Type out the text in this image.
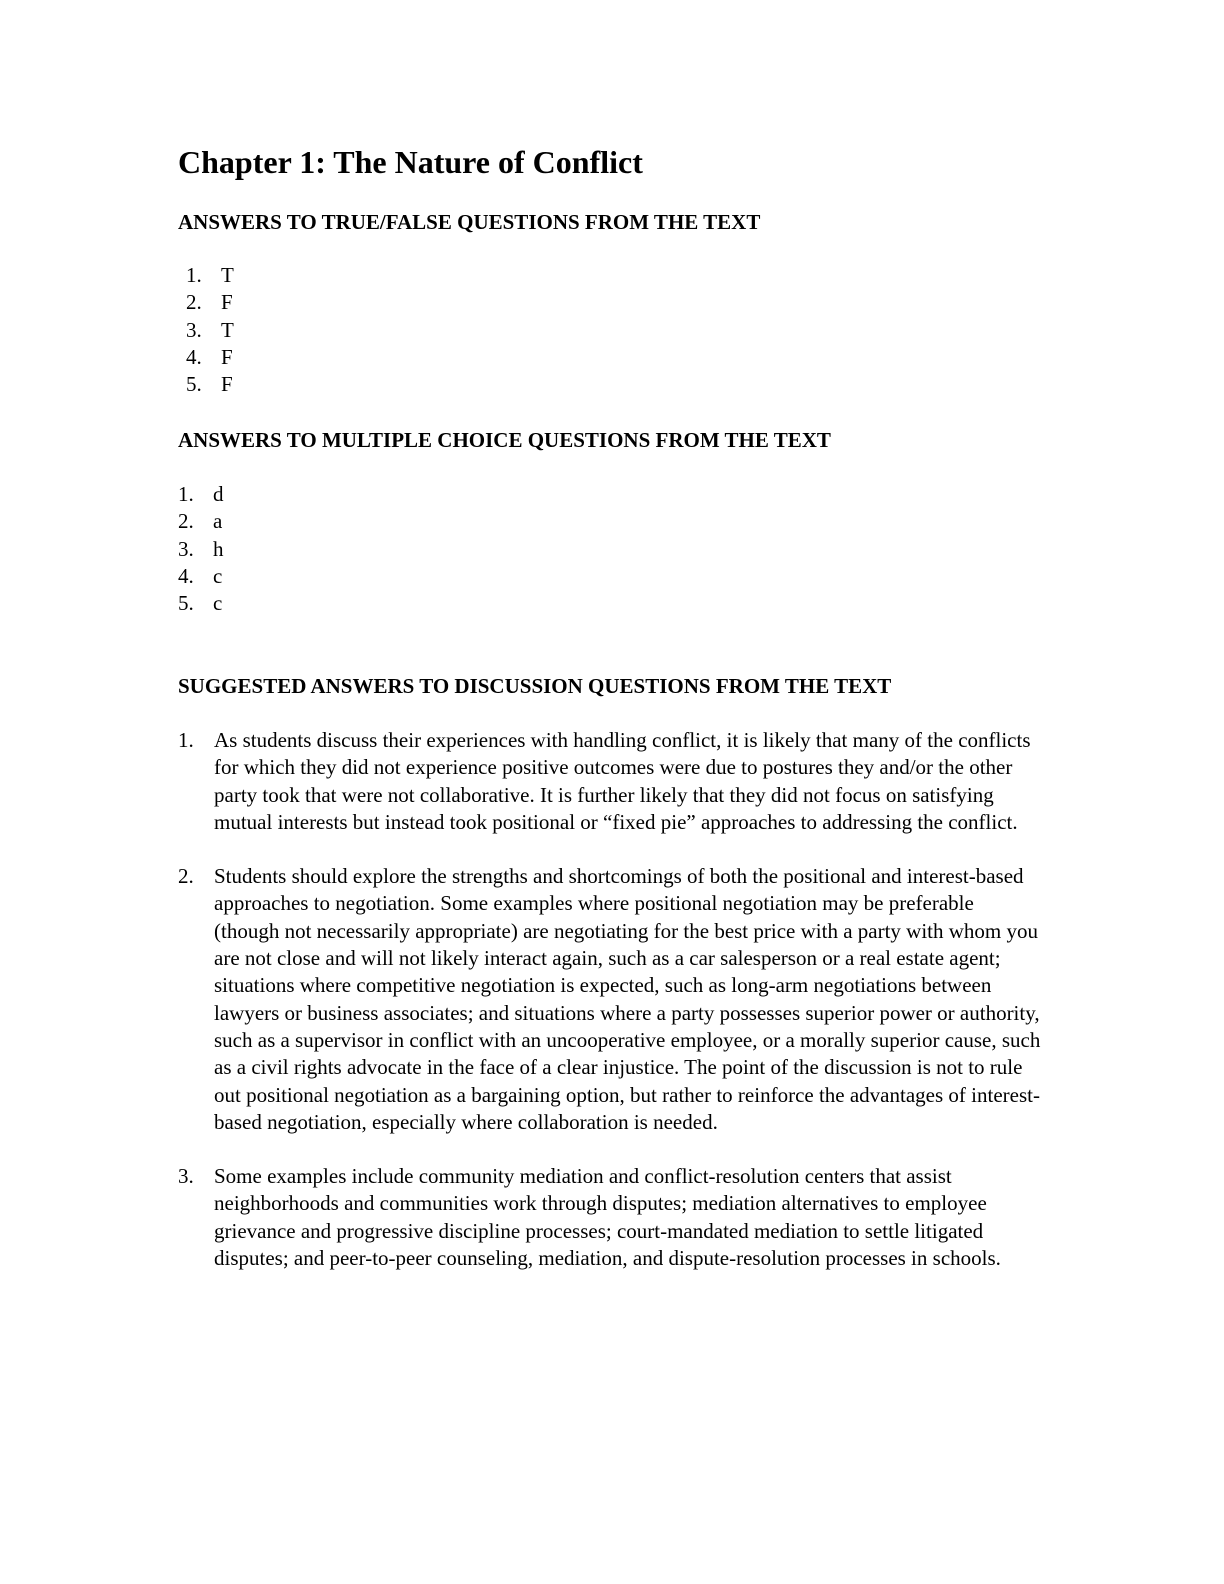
Chapter 1: The Nature of Conflict
ANSWERS TO TRUE/FALSE QUESTIONS FROM THE TEXT
1. T
2. F
3. T
4. F
5. F
ANSWERS TO MULTIPLE CHOICE QUESTIONS FROM THE TEXT
1. d
2. a
3. h
4. c
5. c
SUGGESTED ANSWERS TO DISCUSSION QUESTIONS FROM THE TEXT
1. As students discuss their experiences with handling conflict, it is likely that many of the conflicts for which they did not experience positive outcomes were due to postures they and/or the other party took that were not collaborative. It is further likely that they did not focus on satisfying mutual interests but instead took positional or “fixed pie” approaches to addressing the conflict.
2. Students should explore the strengths and shortcomings of both the positional and interest-based approaches to negotiation. Some examples where positional negotiation may be preferable (though not necessarily appropriate) are negotiating for the best price with a party with whom you are not close and will not likely interact again, such as a car salesperson or a real estate agent; situations where competitive negotiation is expected, such as long-arm negotiations between lawyers or business associates; and situations where a party possesses superior power or authority, such as a supervisor in conflict with an uncooperative employee, or a morally superior cause, such as a civil rights advocate in the face of a clear injustice. The point of the discussion is not to rule out positional negotiation as a bargaining option, but rather to reinforce the advantages of interest-based negotiation, especially where collaboration is needed.
3. Some examples include community mediation and conflict-resolution centers that assist neighborhoods and communities work through disputes; mediation alternatives to employee grievance and progressive discipline processes; court-mandated mediation to settle litigated disputes; and peer-to-peer counseling, mediation, and dispute-resolution processes in schools.
